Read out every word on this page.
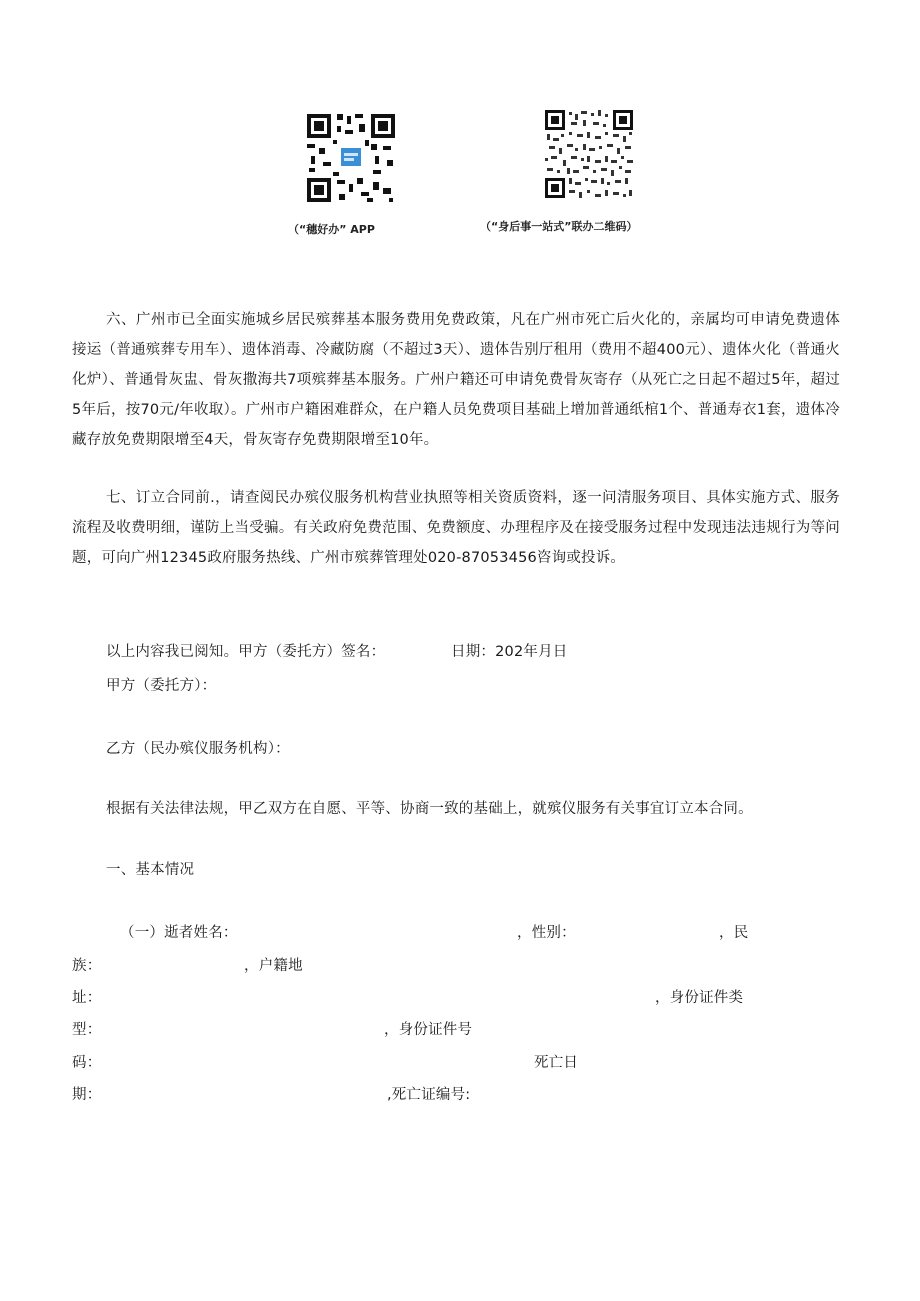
（“穗好办” APP	（“身后事一站式”联办二维码）
六、广州市已全面实施城乡居民殡葬基本服务费用免费政策，凡在广州市死亡后火化的，亲属均可申请免费遗体接运（普通殡葬专用车）、遗体消毒、冷藏防腐（不超过3天）、遗体告别厅租用（费用不超400元）、遗体火化（普通火化炉）、普通骨灰盅、骨灰撒海共7项殡葬基本服务。广州户籍还可申请免费骨灰寄存（从死亡之日起不超过5年，超过5年后，按70元/年收取）。广州市户籍困难群众，在户籍人员免费项目基础上增加普通纸棺1个、普通寿衣1套，遗体冷藏存放免费期限增至4天，骨灰寄存免费期限增至10年。
七、订立合同前.，请查阅民办殡仪服务机构营业执照等相关资质资料，逐一问清服务项目、具体实施方式、服务流程及收费明细，谨防上当受骗。有关政府免费范围、免费额度、办理程序及在接受服务过程中发现违法违规行为等问题，可向广州12345政府服务热线、广州市殡葬管理处020-87053456咨询或投诉。
以上内容我已阅知。甲方（委托方）签名：	日期：202年月日
甲方（委托方）：
乙方（民办殡仪服务机构）：
根据有关法律法规，甲乙双方在自愿、平等、协商一致的基础上，就殡仪服务有关事宜订立本合同。
一、基本情况
（一）逝者姓名：	，性别：	，民
族：	，户籍地
址：	，身份证件类
型：	，身份证件号
码：	死亡日
期：	,死亡证编号:
